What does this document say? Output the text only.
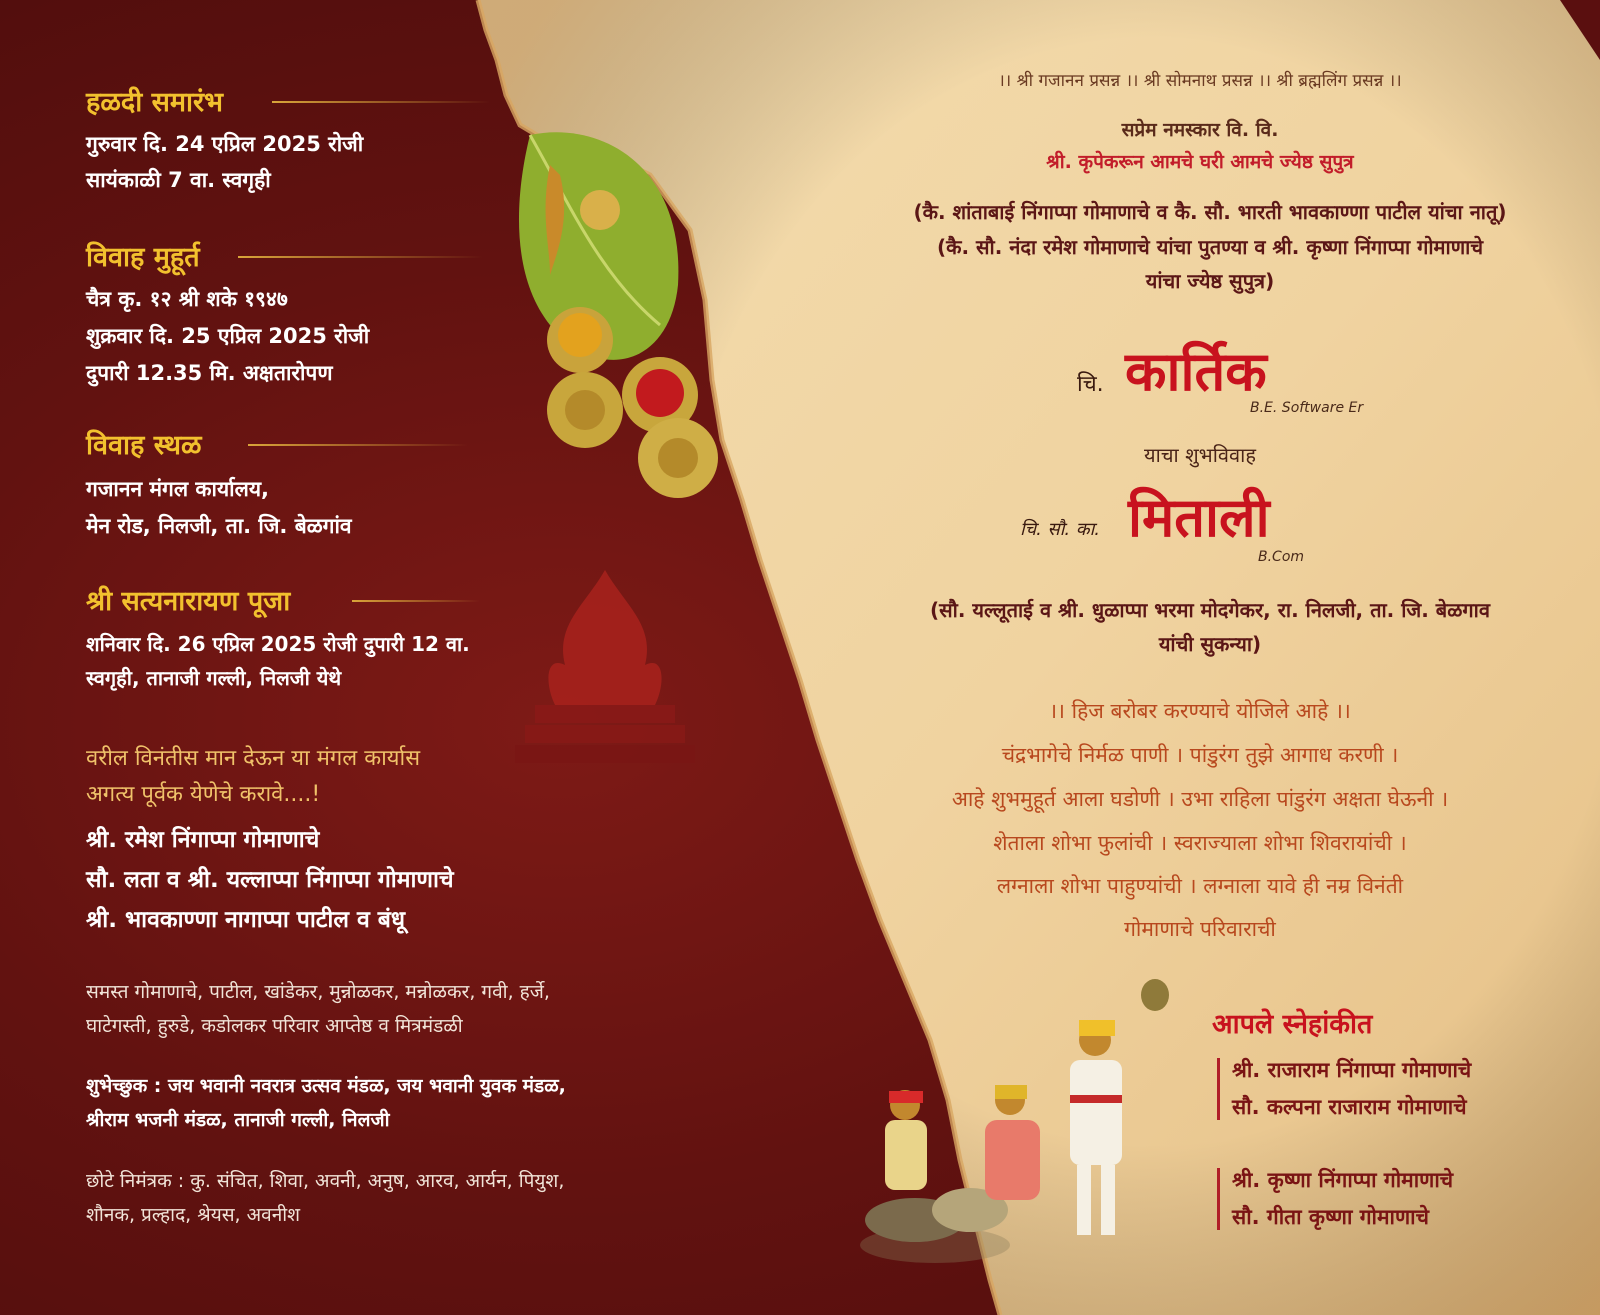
हळदी समारंभ
गुरुवार दि. 24 एप्रिल 2025 रोजी
सायंकाळी 7 वा. स्वगृही
विवाह मुहूर्त
चैत्र कृ. १२ श्री शके १९४७
शुक्रवार दि. 25 एप्रिल 2025 रोजी
दुपारी 12.35 मि. अक्षतारोपण
विवाह स्थळ
गजानन मंगल कार्यालय,
मेन रोड, निलजी, ता. जि. बेळगांव
श्री सत्यनारायण पूजा
शनिवार दि. 26 एप्रिल 2025 रोजी दुपारी 12 वा.
स्वगृही, तानाजी गल्ली, निलजी येथे
वरील विनंतीस मान देऊन या मंगल कार्यास
अगत्य पूर्वक येणेचे करावे....!
श्री. रमेश निंगाप्पा गोमाणाचे
सौ. लता व श्री. यल्लाप्पा निंगाप्पा गोमाणाचे
श्री. भावकाण्णा नागाप्पा पाटील व बंधू
समस्त गोमाणाचे, पाटील, खांडेकर, मुन्नोळकर, मन्नोळकर, गवी, हर्जे,
घाटेगस्ती, हुरुडे, कडोलकर परिवार आप्तेष्ठ व मित्रमंडळी
शुभेच्छुक : जय भवानी नवरात्र उत्सव मंडळ, जय भवानी युवक मंडळ,
श्रीराम भजनी मंडळ, तानाजी गल्ली, निलजी
छोटे निमंत्रक : कु. संचित, शिवा, अवनी, अनुष, आरव, आर्यन, पियुश,
शौनक, प्रल्हाद, श्रेयस, अवनीश
।। श्री गजानन प्रसन्न ।। श्री सोमनाथ प्रसन्न ।। श्री ब्रह्मलिंग प्रसन्न ।।
सप्रेम नमस्कार वि. वि.
श्री. कृपेकरून आमचे घरी आमचे ज्येष्ठ सुपुत्र
(कै. शांताबाई निंगाप्पा गोमाणाचे व कै. सौ. भारती भावकाण्णा पाटील यांचा नातू)
(कै. सौ. नंदा रमेश गोमाणाचे यांचा पुतण्या व श्री. कृष्णा निंगाप्पा गोमाणाचे
यांचा ज्येष्ठ सुपुत्र)
चि. कार्तिक
B.E. Software Er
याचा शुभविवाह
चि. सौ. का. मिताली
B.Com
(सौ. यल्लूताई व श्री. धुळाप्पा भरमा मोदगेकर, रा. निलजी, ता. जि. बेळगाव
यांची सुकन्या)
।। हिज बरोबर करण्याचे योजिले आहे ।।
चंद्रभागेचे निर्मळ पाणी । पांडुरंग तुझे आगाध करणी ।
आहे शुभमुहूर्त आला घडोणी । उभा राहिला पांडुरंग अक्षता घेऊनी ।
शेताला शोभा फुलांची । स्वराज्याला शोभा शिवरायांची ।
लग्नाला शोभा पाहुण्यांची । लग्नाला यावे ही नम्र विनंती
गोमाणाचे परिवाराची
आपले स्नेहांकीत
श्री. राजाराम निंगाप्पा गोमाणाचे
सौ. कल्पना राजाराम गोमाणाचे
श्री. कृष्णा निंगाप्पा गोमाणाचे
सौ. गीता कृष्णा गोमाणाचे
